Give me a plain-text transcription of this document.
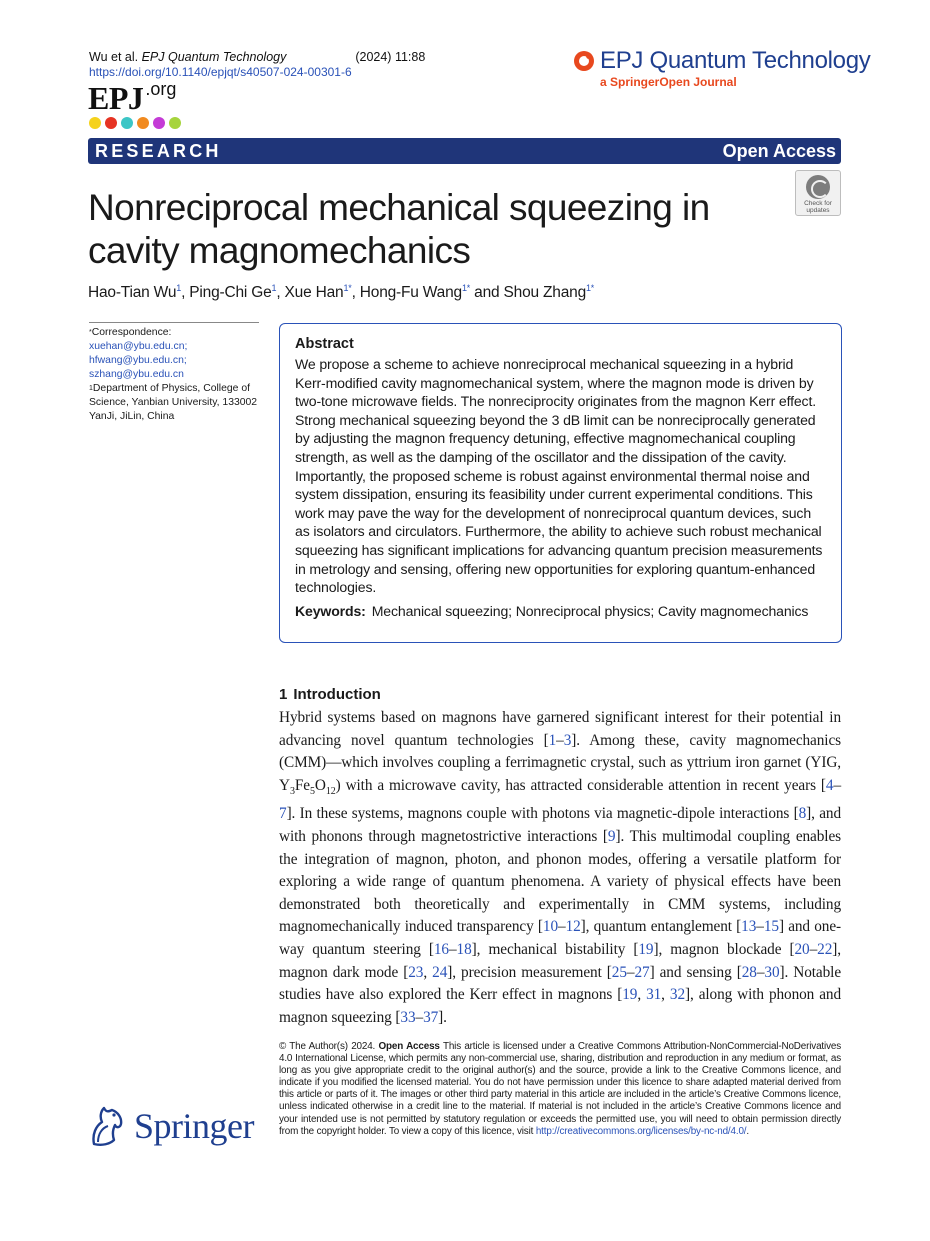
Wu et al. EPJ Quantum Technology	(2024) 11:88
https://doi.org/10.1140/epjqt/s40507-024-00301-6
EPJ $^{.org}$
EPJ Quantum Technology
a SpringerOpen Journal
RESEARCH	Open Access
Check for updates
Nonreciprocal mechanical squeezing in cavity magnomechanics
Hao-Tian Wu$^1$, Ping-Chi Ge$^1$, Xue Han$^{1*}$, Hong-Fu Wang$^{1*}$ and Shou Zhang$^{1*}$
*Correspondence:
xuehan@ybu.edu.cn;
hfwang@ybu.edu.cn;
szhang@ybu.edu.cn
$^1$Department of Physics, College of Science, Yanbian University, 133002 YanJi, JiLin, China
Abstract

We propose a scheme to achieve nonreciprocal mechanical squeezing in a hybrid Kerr-modified cavity magnomechanical system, where the magnon mode is driven by two-tone microwave fields. The nonreciprocity originates from the magnon Kerr effect. Strong mechanical squeezing beyond the 3 dB limit can be nonreciprocally generated by adjusting the magnon frequency detuning, effective magnomechanical coupling strength, as well as the damping of the oscillator and the dissipation of the cavity. Importantly, the proposed scheme is robust against environmental thermal noise and system dissipation, ensuring its feasibility under current experimental conditions. This work may pave the way for the development of nonreciprocal quantum devices, such as isolators and circulators. Furthermore, the ability to achieve such robust mechanical squeezing has significant implications for advancing quantum precision measurements in metrology and sensing, offering new opportunities for exploring quantum-enhanced technologies.

Keywords: Mechanical squeezing; Nonreciprocal physics; Cavity magnomechanics

1 Introduction

Hybrid systems based on magnons have garnered significant interest for their potential in advancing novel quantum technologies [1–3]. Among these, cavity magnomechanics (CMM)—which involves coupling a ferrimagnetic crystal, such as yttrium iron garnet (YIG, $Y_3Fe_5O_{12}$) with a microwave cavity, has attracted considerable attention in recent years [4–7]. In these systems, magnons couple with photons via magnetic-dipole interactions [8], and with phonons through magnetostrictive interactions [9]. This multimodal coupling enables the integration of magnon, photon, and phonon modes, offering a versatile platform for exploring a wide range of quantum phenomena. A variety of physical effects have been demonstrated both theoretically and experimentally in CMM systems, including magnomechanically induced transparency [10–12], quantum entanglement [13–15] and one-way quantum steering [16–18], mechanical bistability [19], magnon blockade [20–22], magnon dark mode [23, 24], precision measurement [25–27] and sensing [28–30]. Notable studies have also explored the Kerr effect in magnons [19, 31, 32], along with phonon and magnon squeezing [33–37].

© The Author(s) 2024. Open Access This article is licensed under a Creative Commons Attribution-NonCommercial-NoDerivatives 4.0 International License, which permits any non-commercial use, sharing, distribution and reproduction in any medium or format, as long as you give appropriate credit to the original author(s) and the source, provide a link to the Creative Commons licence, and indicate if you modified the licensed material. You do not have permission under this licence to share adapted material derived from this article or parts of it. The images or other third party material in this article are included in the article’s Creative Commons licence, unless indicated otherwise in a credit line to the material. If material is not included in the article’s Creative Commons licence and your intended use is not permitted by statutory regulation or exceeds the permitted use, you will need to obtain permission directly from the copyright holder. To view a copy of this licence, visit http://creativecommons.org/licenses/by-nc-nd/4.0/.

Springer
